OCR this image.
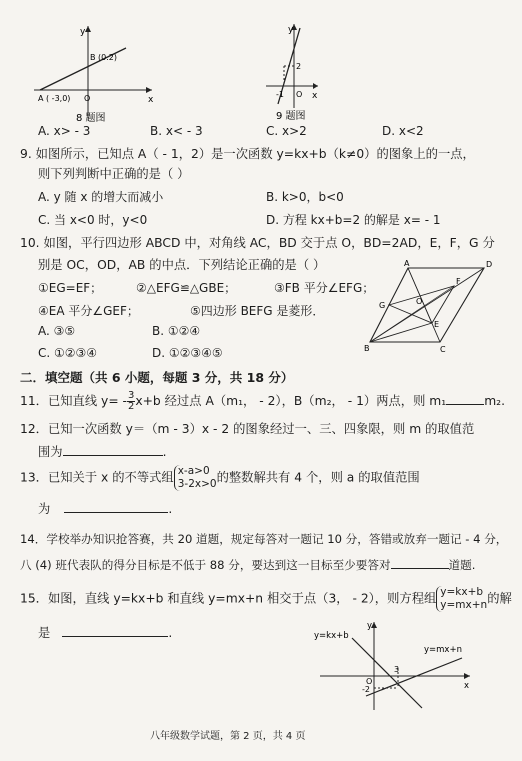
y
x
O
B (0.2)
A ( -3,0)
8 题图
y
x
O
2
-1
9 题图
A. x> - 3	B. x< - 3	C. x>2	D. x<2
9. 如图所示，已知点 A（ - 1，2）是一次函数 y=kx+b（k≠0）的图象上的一点，
则下列判断中正确的是（ ）
A. y 随 x 的增大而减小	B. k>0，b<0
C. 当 x<0 时，y<0	D. 方程 kx+b=2 的解是 x= - 1
10. 如图，平行四边形 ABCD 中，对角线 AC，BD 交于点 O，BD=2AD，E，F，G 分
别是 OC，OD，AB 的中点．下列结论正确的是（ ）
①EG=EF；	②△EFG≌△GBE；	③FB 平分∠EFG；
④EA 平分∠GEF；	⑤四边形 BEFG 是菱形．
A. ③⑤	B. ①②④
C. ①②③④	D. ①②③④⑤
A	D
B	C
F
G
E
O
二．填空题（共 6 小题，每题 3 分，共 18 分）
11．已知直线 $y= - \frac{3}{2} x+b$ 经过点 A（m₁， - 2），B（m₂， - 1）两点，则 m₁	m₂.
12．已知一次函数 y＝（m - 3）x - 2 的图象经过一、三、四象限，则 m 的取值范
围为	.
13．已知关于 x 的不等式组 x-a>0
3-2x>0 的整数解共有 4 个，则 a 的取值范围
为	.
14．学校举办知识抢答赛，共 20 道题，规定每答对一题记 10 分，答错或放弃一题记 - 4 分，
八 (4) 班代表队的得分目标是不低于 88 分，要达到这一目标至少要答对	道题.
15．如图，直线 y=kx+b 和直线 y=mx+n 相交于点（3， - 2），则方程组 y=kx+b
y=mx+n 的解
是	.	y=kx+b
y=mx+n
y
x
O
3
-2
八年级数学试题，第 2 页，共 4 页
